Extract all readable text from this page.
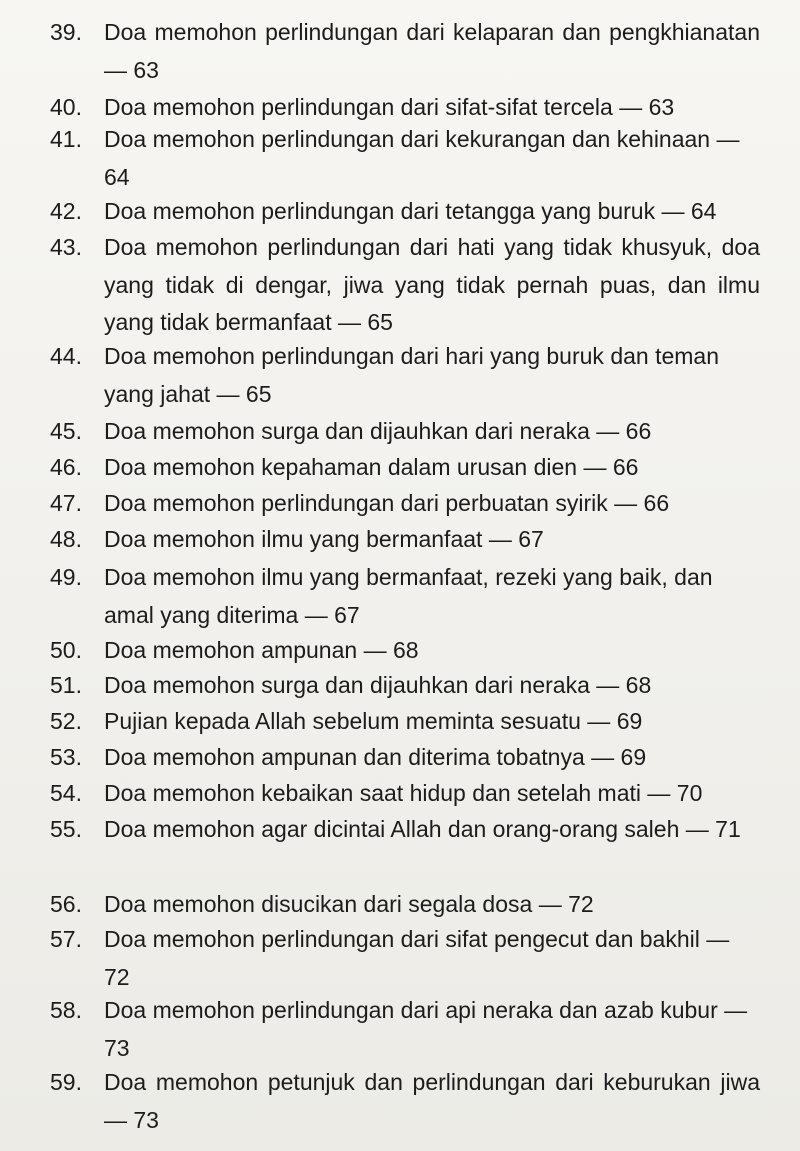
39. Doa memohon perlindungan dari kelaparan dan pengkhianatan — 63
40. Doa memohon perlindungan dari sifat-sifat tercela — 63
41. Doa memohon perlindungan dari kekurangan dan kehinaan — 64
42. Doa memohon perlindungan dari tetangga yang buruk — 64
43. Doa memohon perlindungan dari hati yang tidak khusyuk, doa yang tidak di dengar, jiwa yang tidak pernah puas, dan ilmu yang tidak bermanfaat — 65
44. Doa memohon perlindungan dari hari yang buruk dan teman yang jahat — 65
45. Doa memohon surga dan dijauhkan dari neraka — 66
46. Doa memohon kepahaman dalam urusan dien — 66
47. Doa memohon perlindungan dari perbuatan syirik — 66
48. Doa memohon ilmu yang bermanfaat — 67
49. Doa memohon ilmu yang bermanfaat, rezeki yang baik, dan amal yang diterima — 67
50. Doa memohon ampunan — 68
51. Doa memohon surga dan dijauhkan dari neraka — 68
52. Pujian kepada Allah sebelum meminta sesuatu — 69
53. Doa memohon ampunan dan diterima tobatnya — 69
54. Doa memohon kebaikan saat hidup dan setelah mati — 70
55. Doa memohon agar dicintai Allah dan orang-orang saleh — 71
56. Doa memohon disucikan dari segala dosa — 72
57. Doa memohon perlindungan dari sifat pengecut dan bakhil — 72
58. Doa memohon perlindungan dari api neraka dan azab kubur — 73
59. Doa memohon petunjuk dan perlindungan dari keburukan jiwa — 73
